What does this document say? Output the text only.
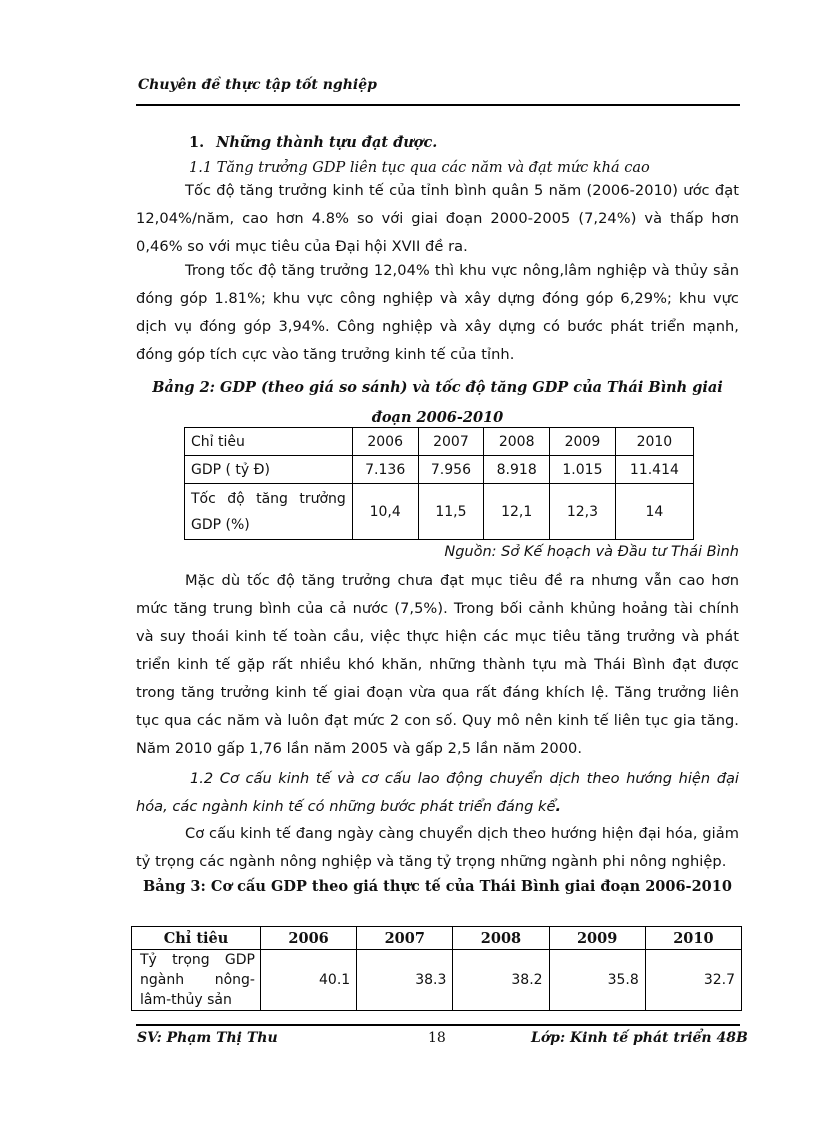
Chuyên đề thực tập tốt nghiệp
1. Những thành tựu đạt được.
1.1 Tăng trưởng GDP liên tục qua các năm và đạt mức khá cao
Tốc độ tăng trưởng kinh tế của tỉnh bình quân 5 năm (2006-2010) ước đạt 12,04%/năm, cao hơn 4.8% so với giai đoạn 2000-2005 (7,24%) và thấp hơn 0,46% so với mục tiêu của Đại hội XVII đề ra.
Trong tốc độ tăng trưởng 12,04% thì khu vực nông,lâm nghiệp và thủy sản đóng góp 1.81%; khu vực công nghiệp và xây dựng đóng góp 6,29%; khu vực dịch vụ đóng góp 3,94%. Công nghiệp và xây dựng có bước phát triển mạnh, đóng góp tích cực vào tăng trưởng kinh tế của tỉnh.
Bảng 2: GDP (theo giá so sánh) và tốc độ tăng GDP của Thái Bình giai đoạn 2006-2010
Chỉ tiêu	2006	2007	2008	2009	2010
GDP ( tỷ Đ)	7.136	7.956	8.918	1.015	11.414
Tốc độ tăng trưởng GDP (%)	10,4	11,5	12,1	12,3	14
Nguồn: Sở Kế hoạch và Đầu tư Thái Bình
Mặc dù tốc độ tăng trưởng chưa đạt mục tiêu đề ra nhưng vẫn cao hơn mức tăng trung bình của cả nước (7,5%). Trong bối cảnh khủng hoảng tài chính và suy thoái kinh tế toàn cầu, việc thực hiện các mục tiêu tăng trưởng và phát triển kinh tế gặp rất nhiều khó khăn, những thành tựu mà Thái Bình đạt được trong tăng trưởng kinh tế giai đoạn vừa qua rất đáng khích lệ. Tăng trưởng liên tục qua các năm và luôn đạt mức 2 con số. Quy mô nên kinh tế liên tục gia tăng. Năm 2010 gấp 1,76 lần năm 2005 và gấp 2,5 lần năm 2000.
1.2 Cơ cấu kinh tế và cơ cấu lao động chuyển dịch theo hướng hiện đại hóa, các ngành kinh tế có những bước phát triển đáng kể.
Cơ cấu kinh tế đang ngày càng chuyển dịch theo hướng hiện đại hóa, giảm tỷ trọng các ngành nông nghiệp và tăng tỷ trọng những ngành phi nông nghiệp.
Bảng 3: Cơ cấu GDP theo giá thực tế của Thái Bình giai đoạn 2006-2010
Chỉ tiêu	2006	2007	2008	2009	2010
Tỷ trọng GDP ngành nông-lâm-thủy sản	40.1	38.3	38.2	35.8	32.7
SV: Phạm Thị Thu	18	Lớp: Kinh tế phát triển 48B
